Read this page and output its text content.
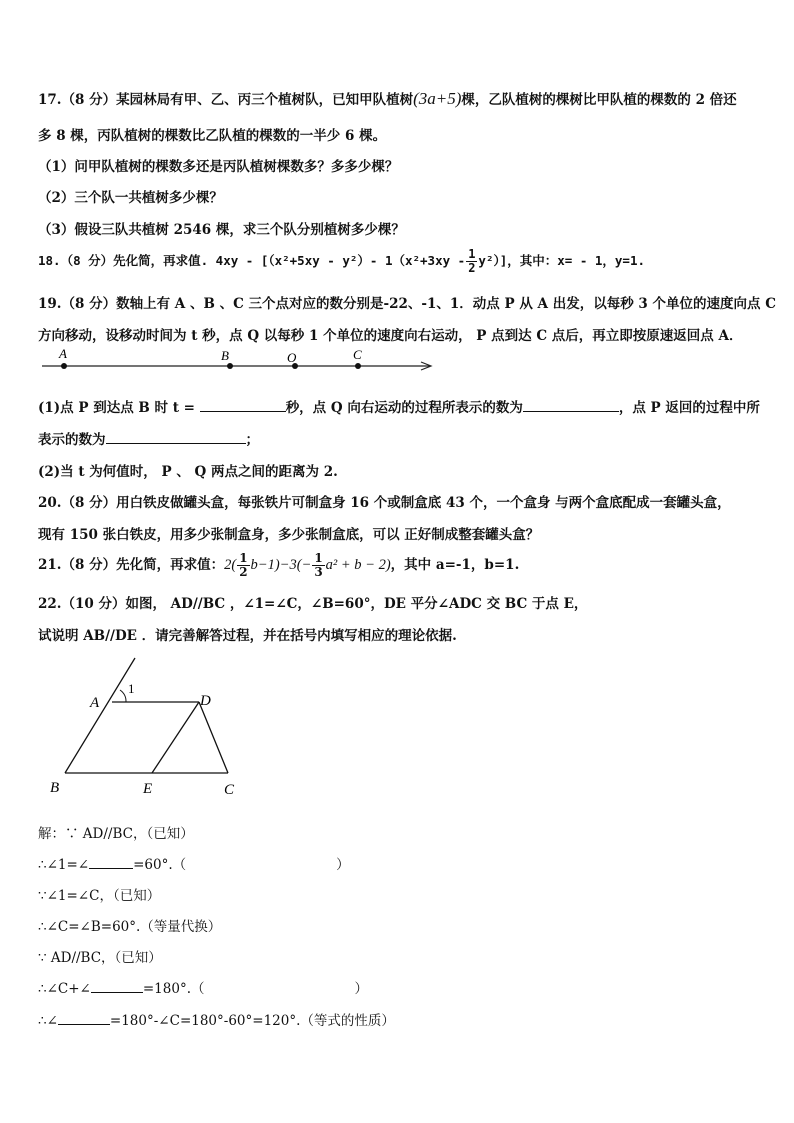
17.（8 分）某园林局有甲、乙、丙三个植树队，已知甲队植树(3a+5)棵，乙队植树的棵树比甲队植的棵数的 2 倍还
多 8 棵，丙队植树的棵数比乙队植的棵数的一半少 6 棵。
（1）问甲队植树的棵数多还是丙队植树棵数多？多多少棵？
（2）三个队一共植树多少棵？
（3）假设三队共植树 2546 棵，求三个队分别植树多少棵？
18.（8 分）先化简，再求值. 4xy - [（x²+5xy - y²）- $1(x^2+3xy - \frac{1}{2} y^2)$]，其中：x= - 1，y=1.
19.（8 分）数轴上有 A 、B 、C 三个点对应的数分别是-22、-1、1．动点 P 从 A 出发，以每秒 3 个单位的速度向点 C
方向移动，设移动时间为 t 秒，点 Q 以每秒 1 个单位的速度向右运动， P 点到达 C 点后，再立即按原速返回点 A．
A	B	O	C
(1)点 P 到达点 B 时 t =	秒，点 Q 向右运动的过程所表示的数为	，点 P 返回的过程中所
表示的数为	；
(2)当 t 为何值时， P 、 Q 两点之间的距离为 2.
20.（8 分）用白铁皮做罐头盒，每张铁片可制盒身 16 个或制盒底 43 个，一个盒身 与两个盒底配成一套罐头盒，
现有 150 张白铁皮，用多少张制盒身，多少张制盒底，可以 正好制成整套罐头盒？
21.（8 分）先化简，再求值：$2( \frac{1}{2} b-1)-3(- \frac{1}{3} a^2 + b - 2)$，其中 a=-1，b=1.
22.（10 分）如图， AD//BC ，∠1=∠C，∠B=60°，DE 平分∠ADC 交 BC 于点 E，
试说明 AB//DE ．请完善解答过程，并在括号内填写相应的理论依据.
A	D
B	E	C
1
解：∵ AD//BC，（已知）
∴∠1=∠	=60°.（	）
∵∠1=∠C，（已知）
∴∠C=∠B=60°.（等量代换）
∵ AD//BC，（已知）
∴∠C+∠	=180°.（	）
∴∠	=180°-∠C=180°-60°=120°.（等式的性质）
